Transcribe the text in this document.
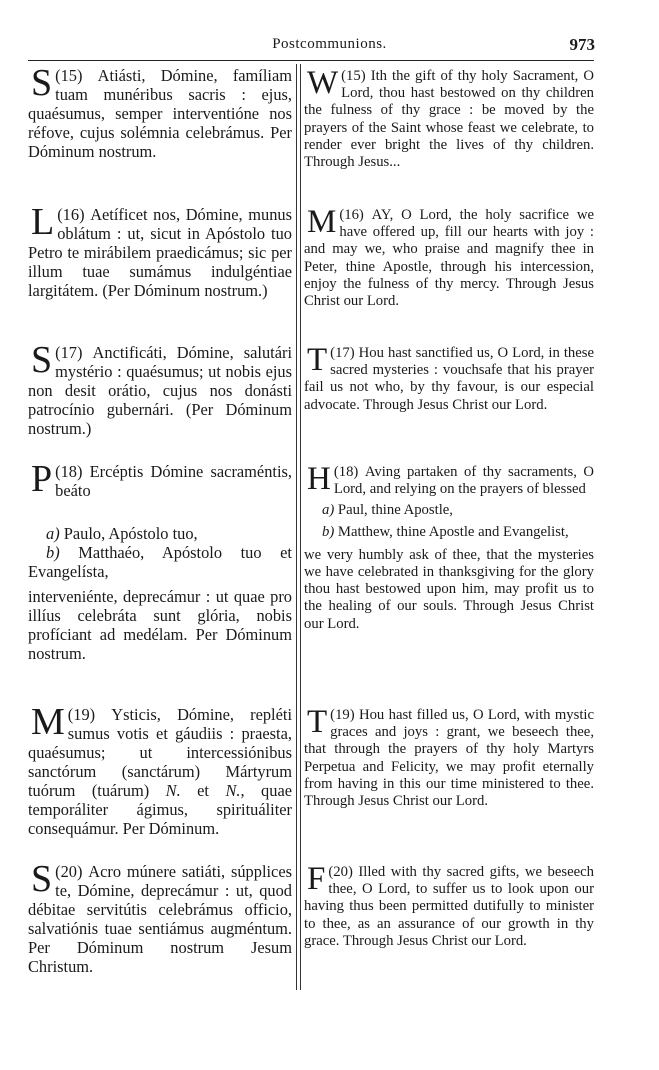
Postcommunions.	973

(15)
S	Atiásti, Dómine, famíliam tuam munéribus sacris : ejus, quaésumus, semper interventióne nos réfove, cujus solémnia celebrámus. Per Dóminum nostrum.

(15)
W Ith the gift of thy holy Sacrament, O Lord, thou hast bestowed on thy children the fulness of thy grace : be moved by the prayers of the Saint whose feast we celebrate, to render ever bright the lives of thy children. Through Jesus...

(16)
L Aetíficet nos, Dómine, munus oblátum : ut, sicut in Apóstolo tuo Petro te mirábilem praedicámus; sic per illum tuae sumámus indulgéntiae largitátem. (Per Dóminum nostrum.)

(16)
M AY, O Lord, the holy sacrifice we have offered up, fill our hearts with joy : and may we, who praise and magnify thee in Peter, thine Apostle, through his intercession, enjoy the fulness of thy mercy. Through Jesus Christ our Lord.

(17)
S Anctificáti, Dómine, salutári mystério : quaésumus; ut nobis ejus non desit orátio, cujus nos donásti patrocínio gubernári. (Per Dóminum nostrum.)

(17)
T Hou hast sanctified us, O Lord, in these sacred mysteries : vouchsafe that his prayer fail us not who, by thy favour, is our especial advocate. Through Jesus Christ our Lord.

(18)
P Ercéptis Dómine sacraméntis, beáto

a) Paulo, Apóstolo tuo,

b) Matthaéo, Apóstolo tuo et Evangelísta,

interveniénte, deprecámur : ut quae pro illíus celebráta sunt glória, nobis profíciant ad medélam. Per Dóminum nostrum.

(18)
H Aving partaken of thy sacraments, O Lord, and relying on the prayers of blessed

a) Paul, thine Apostle,

b) Matthew, thine Apostle and Evangelist,

we very humbly ask of thee, that the mysteries we have celebrated in thanksgiving for the glory thou hast bestowed upon him, may profit us to the healing of our souls. Through Jesus Christ our Lord.

(19)
M	Ysticis, Dómine, repléti sumus votis et gáudiis : praesta, quaésumus; ut intercessiónibus sanctórum (sanctárum) Mártyrum tuórum (tuárum) N. et N., quae temporáliter ágimus, spirituáliter consequámur. Per Dóminum.

(19)
T Hou hast filled us, O Lord, with mystic graces and joys : grant, we beseech thee, that through the prayers of thy holy Martyrs Perpetua and Felicity, we may profit eternally from having in this our time ministered to thee. Through Jesus Christ our Lord.

(20)
S Acro múnere satiáti, súpplices te, Dómine, deprecámur : ut, quod débitae servitútis celebrámus officio, salvatiónis tuae sentiámus augméntum. Per Dóminum nostrum Jesum Christum.

(20)
F Illed with thy sacred gifts, we beseech thee, O Lord, to suffer us to look upon our having thus been permitted dutifully to minister to thee, as an assurance of our growth in thy grace. Through Jesus Christ our Lord.
